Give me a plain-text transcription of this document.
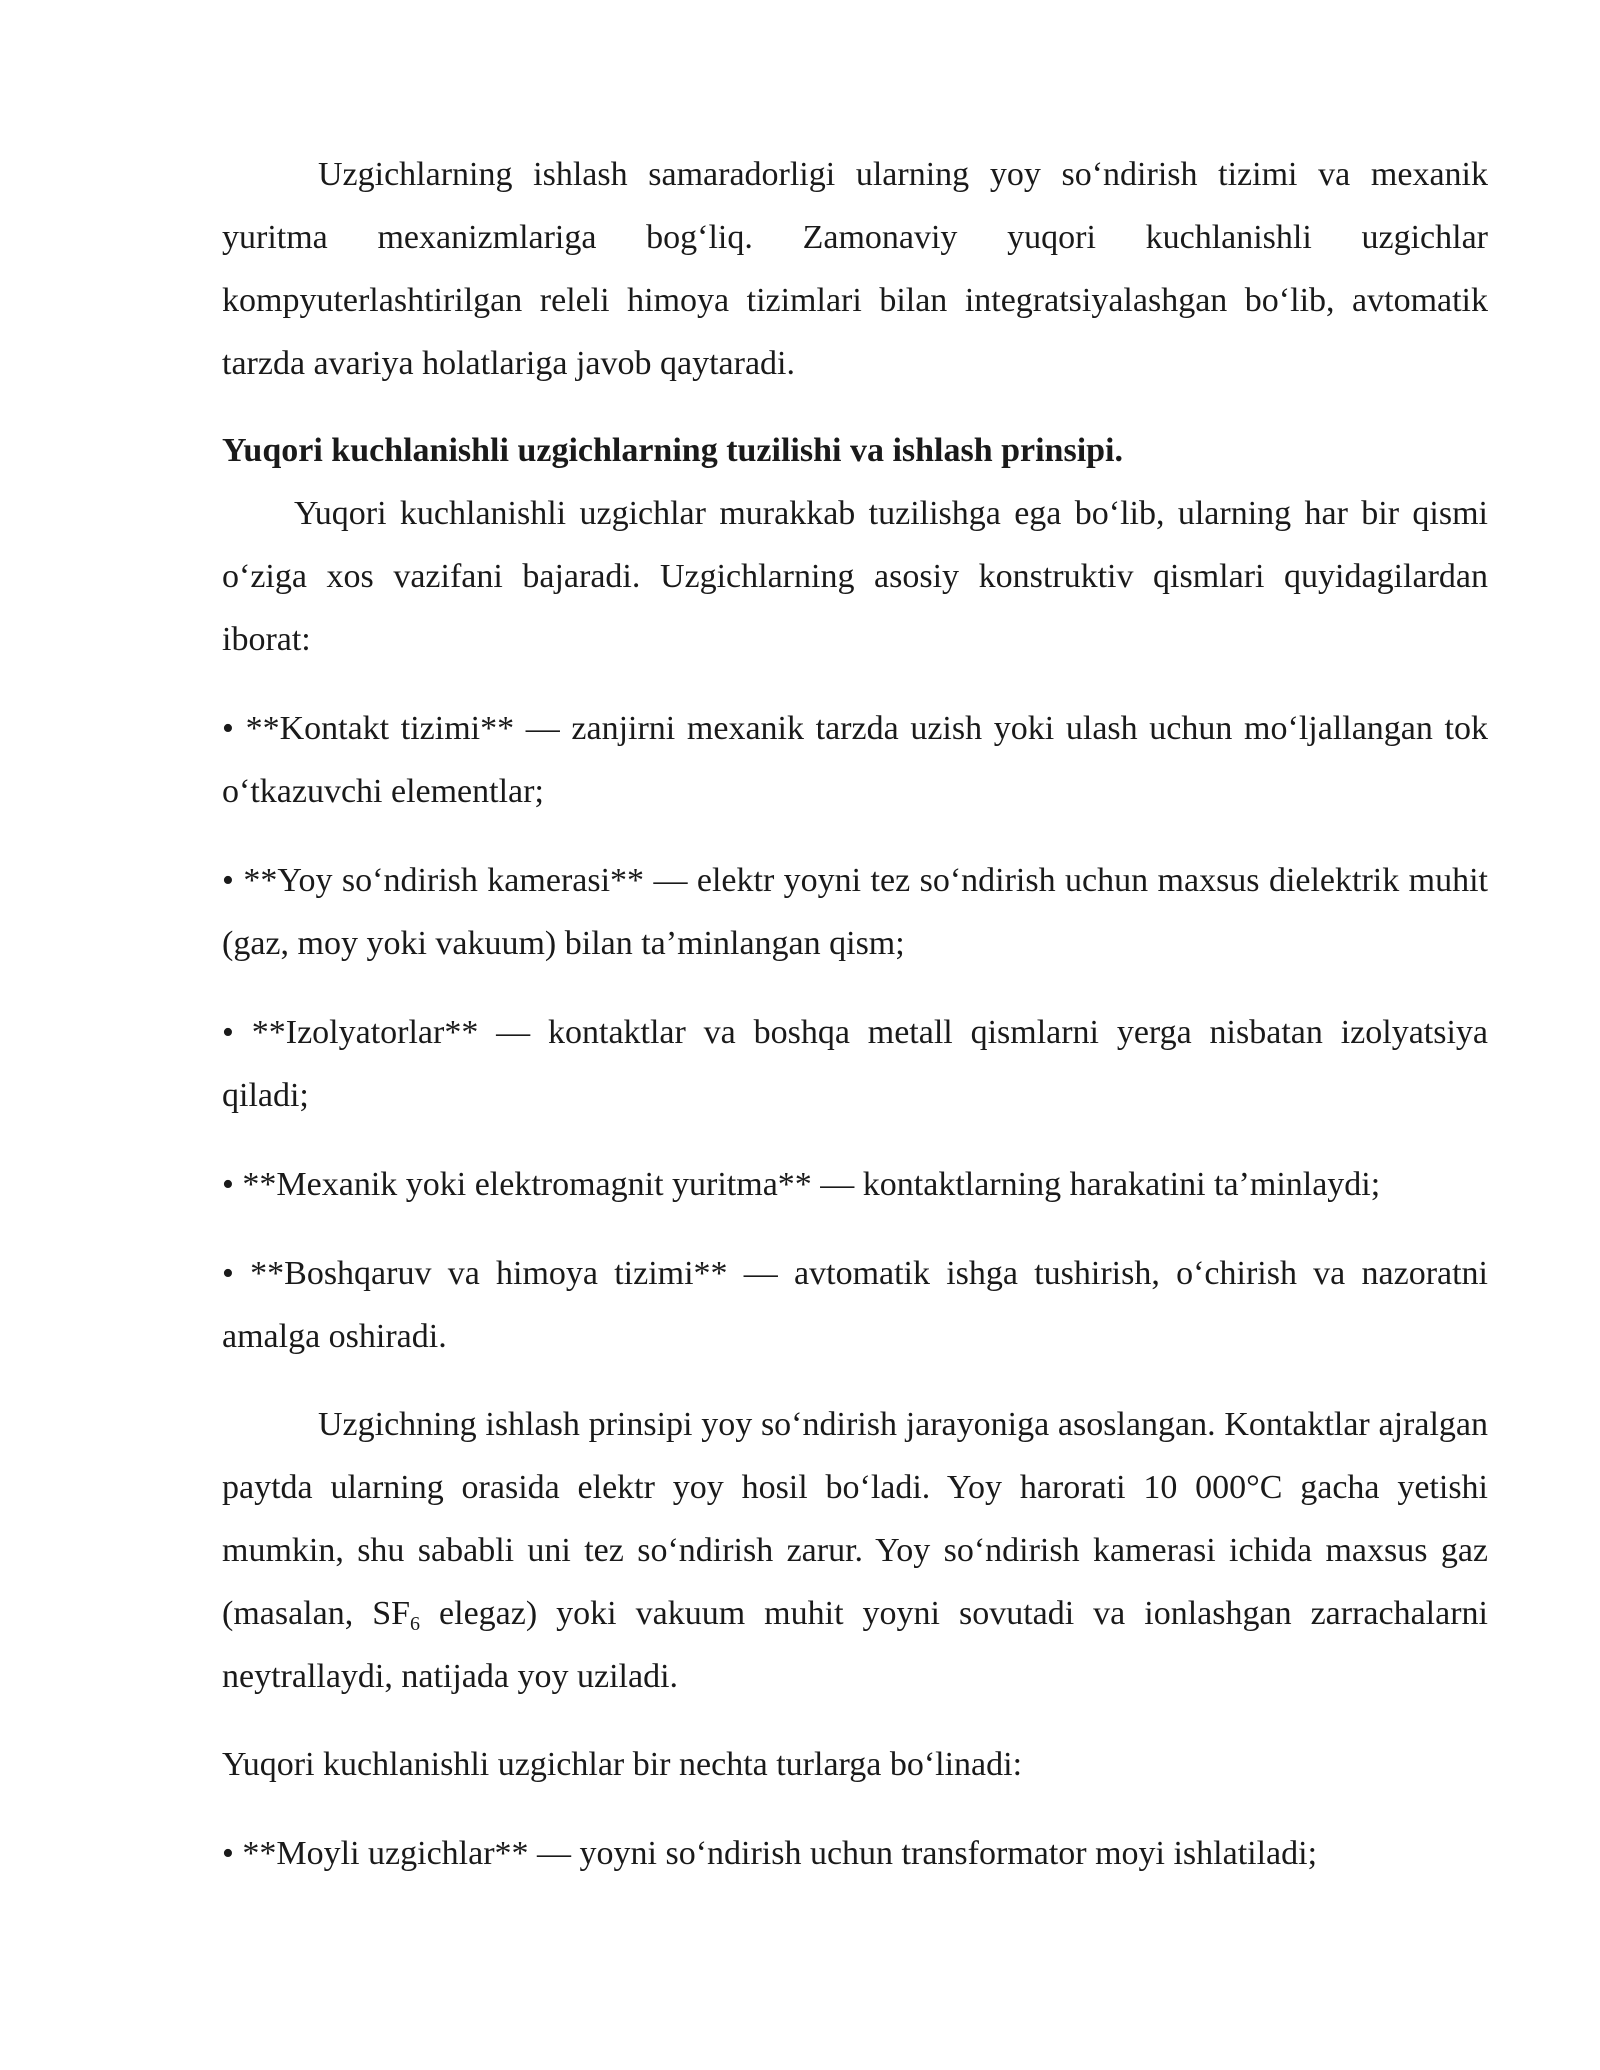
Uzgichlarning ishlash samaradorligi ularning yoy so‘ndirish tizimi va mexanik yuritma mexanizmlariga bog‘liq. Zamonaviy yuqori kuchlanishli uzgichlar kompyuterlashtirilgan releli himoya tizimlari bilan integratsiyalashgan bo‘lib, avtomatik tarzda avariya holatlariga javob qaytaradi.

Yuqori kuchlanishli uzgichlarning tuzilishi va ishlash prinsipi.

Yuqori kuchlanishli uzgichlar murakkab tuzilishga ega bo‘lib, ularning har bir qismi o‘ziga xos vazifani bajaradi. Uzgichlarning asosiy konstruktiv qismlari quyidagilardan iborat:

• **Kontakt tizimi** — zanjirni mexanik tarzda uzish yoki ulash uchun mo‘ljallangan tok o‘tkazuvchi elementlar;

• **Yoy so‘ndirish kamerasi** — elektr yoyni tez so‘ndirish uchun maxsus dielektrik muhit (gaz, moy yoki vakuum) bilan ta’minlangan qism;

• **Izolyatorlar** — kontaktlar va boshqa metall qismlarni yerga nisbatan izolyatsiya qiladi;

• **Mexanik yoki elektromagnit yuritma** — kontaktlarning harakatini ta’minlaydi;

• **Boshqaruv va himoya tizimi** — avtomatik ishga tushirish, o‘chirish va nazoratni amalga oshiradi.

Uzgichning ishlash prinsipi yoy so‘ndirish jarayoniga asoslangan. Kontaktlar ajralgan paytda ularning orasida elektr yoy hosil bo‘ladi. Yoy harorati 10 000°C gacha yetishi mumkin, shu sababli uni tez so‘ndirish zarur. Yoy so‘ndirish kamerasi ichida maxsus gaz (masalan, $SF_6$ elegaz) yoki vakuum muhit yoyni sovutadi va ionlashgan zarrachalarni neytrallaydi, natijada yoy uziladi.

Yuqori kuchlanishli uzgichlar bir nechta turlarga bo‘linadi:

• **Moyli uzgichlar** — yoyni so‘ndirish uchun transformator moyi ishlatiladi;
